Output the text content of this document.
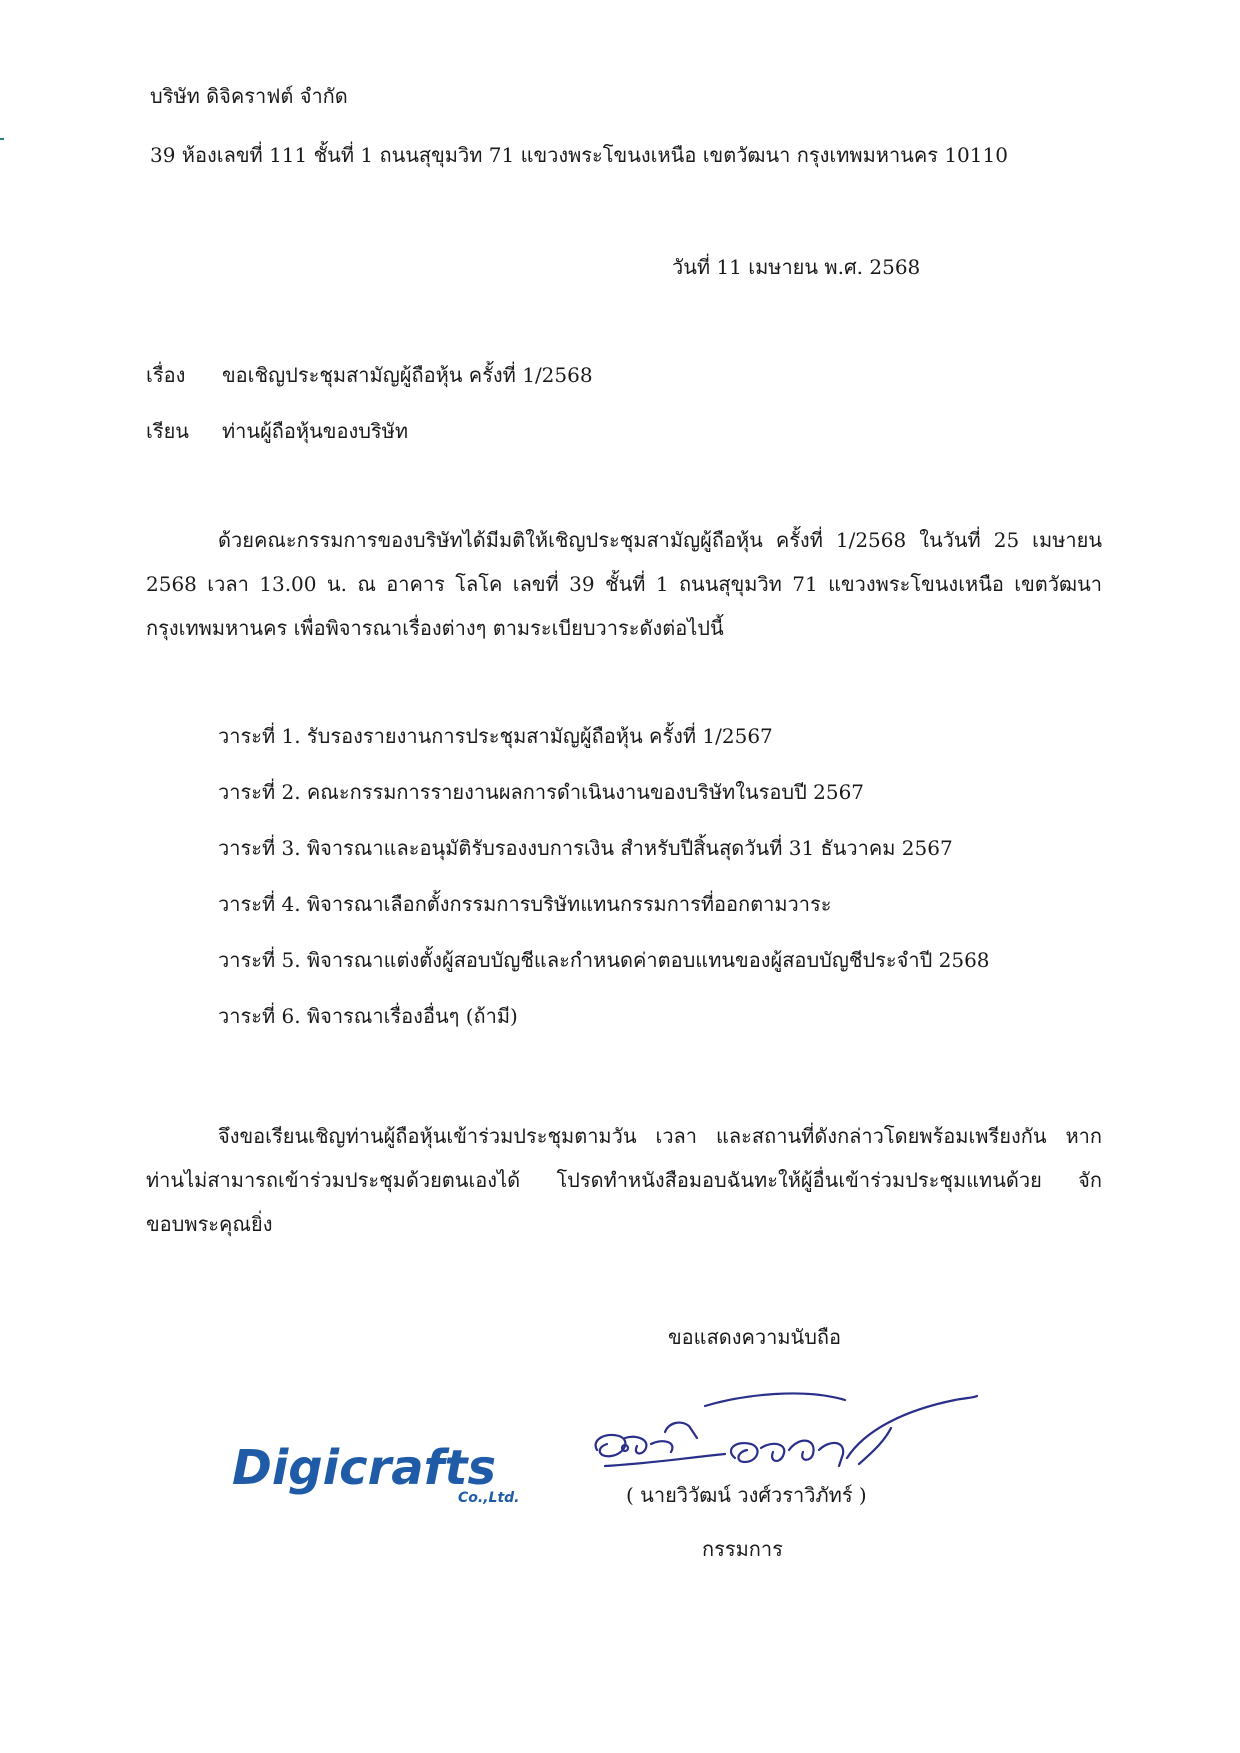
บริษัท ดิจิคราฟต์ จำกัด
39 ห้องเลขที่ 111 ชั้นที่ 1 ถนนสุขุมวิท 71 แขวงพระโขนงเหนือ เขตวัฒนา กรุงเทพมหานคร 10110
วันที่ 11 เมษายน พ.ศ. 2568
เรื่อง ขอเชิญประชุมสามัญผู้ถือหุ้น ครั้งที่ 1/2568
เรียน ท่านผู้ถือหุ้นของบริษัท

ด้วยคณะกรรมการของบริษัทได้มีมติให้เชิญประชุมสามัญผู้ถือหุ้น ครั้งที่ 1/2568 ในวันที่ 25 เมษายน 2568 เวลา 13.00 น. ณ อาคาร โลโค เลขที่ 39 ชั้นที่ 1 ถนนสุขุมวิท 71 แขวงพระโขนงเหนือ เขตวัฒนา กรุงเทพมหานคร เพื่อพิจารณาเรื่องต่างๆ ตามระเบียบวาระดังต่อไปนี้

วาระที่ 1. รับรองรายงานการประชุมสามัญผู้ถือหุ้น ครั้งที่ 1/2567
วาระที่ 2. คณะกรรมการรายงานผลการดำเนินงานของบริษัทในรอบปี 2567
วาระที่ 3. พิจารณาและอนุมัติรับรองงบการเงิน สำหรับปีสิ้นสุดวันที่ 31 ธันวาคม 2567
วาระที่ 4. พิจารณาเลือกตั้งกรรมการบริษัทแทนกรรมการที่ออกตามวาระ
วาระที่ 5. พิจารณาแต่งตั้งผู้สอบบัญชีและกำหนดค่าตอบแทนของผู้สอบบัญชีประจำปี 2568
วาระที่ 6. พิจารณาเรื่องอื่นๆ (ถ้ามี)

จึงขอเรียนเชิญท่านผู้ถือหุ้นเข้าร่วมประชุมตามวัน เวลา และสถานที่ดังกล่าวโดยพร้อมเพรียงกัน หาก ท่านไม่สามารถเข้าร่วมประชุมด้วยตนเองได้ โปรดทำหนังสือมอบฉันทะให้ผู้อื่นเข้าร่วมประชุมแทนด้วย จักขอบพระคุณยิ่ง

ขอแสดงความนับถือ
Digicrafts
Co.,Ltd.	( นายวิวัฒน์ วงศ์วราวิภัทร์ )
กรรมการ
